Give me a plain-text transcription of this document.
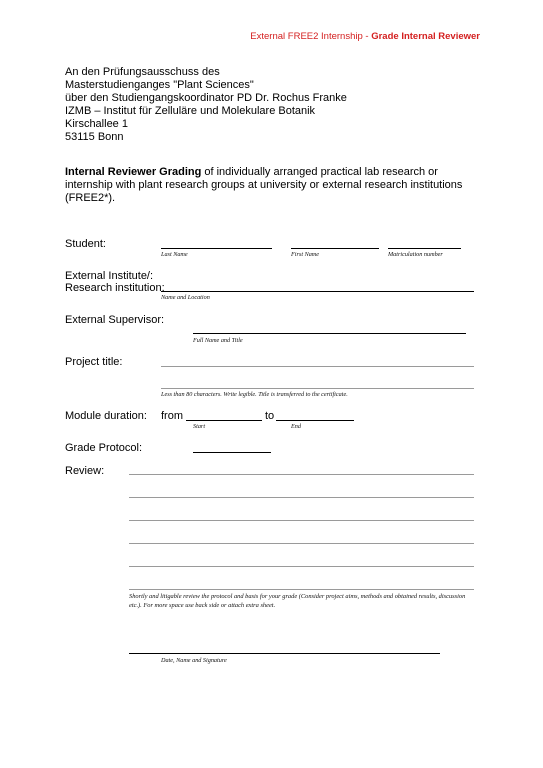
External FREE2 Internship - Grade Internal Reviewer
An den Prüfungsausschuss des
Masterstudienganges "Plant Sciences"
über den Studiengangskoordinator PD Dr. Rochus Franke
IZMB – Institut für Zelluläre und Molekulare Botanik
Kirschallee 1
53115 Bonn
Internal Reviewer Grading of individually arranged practical lab research or internship with plant research groups at university or external research institutions (FREE2*).
Student:
Last Name	First Name	Matriculation number
External Institute/:
Research institution:
Name and Location
External Supervisor:
Full Name and Title
Project title:
Less than 80 characters. Write legible. Title is transferred to the certificate.
Module duration: from	to
Start	End
Grade Protocol:
Review:
Shortly and litigable review the protocol and basis for your grade (Consider project aims, methods and obtained results, discussion etc.). For more space use back side or attach extra sheet.
Date, Name and Signature
